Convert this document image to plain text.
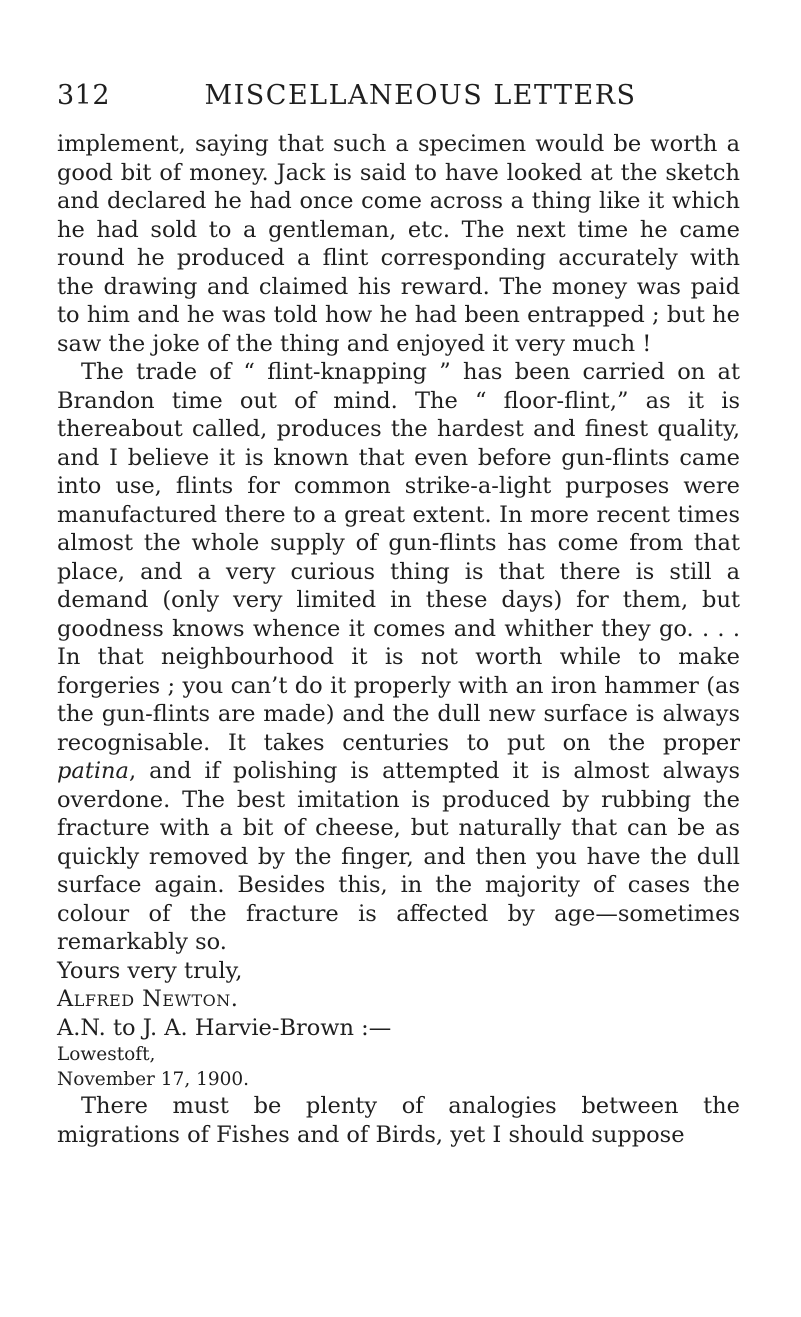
312	MISCELLANEOUS LETTERS

implement, saying that such a specimen would be worth a good bit of money. Jack is said to have looked at the sketch and declared he had once come across a thing like it which he had sold to a gentleman, etc. The next time he came round he produced a flint corresponding accurately with the drawing and claimed his reward. The money was paid to him and he was told how he had been entrapped ; but he saw the joke of the thing and enjoyed it very much !

The trade of “ flint-knapping ” has been carried on at Brandon time out of mind. The “ floor-flint,” as it is thereabout called, produces the hardest and finest quality, and I believe it is known that even before gun-flints came into use, flints for common strike-a-light purposes were manufactured there to a great extent. In more recent times almost the whole supply of gun-flints has come from that place, and a very curious thing is that there is still a demand (only very limited in these days) for them, but goodness knows whence it comes and whither they go. . . . In that neighbourhood it is not worth while to make forgeries ; you can’t do it properly with an iron hammer (as the gun-flints are made) and the dull new surface is always recognisable. It takes centuries to put on the proper patina, and if polishing is attempted it is almost always overdone. The best imitation is produced by rubbing the fracture with a bit of cheese, but naturally that can be as quickly removed by the finger, and then you have the dull surface again. Besides this, in the majority of cases the colour of the fracture is affected by age—sometimes remarkably so.

Yours very truly,

Alfred Newton.

A.N. to J. A. Harvie-Brown :—

Lowestoft,

November 17, 1900.

There must be plenty of analogies between the migrations of Fishes and of Birds, yet I should suppose
